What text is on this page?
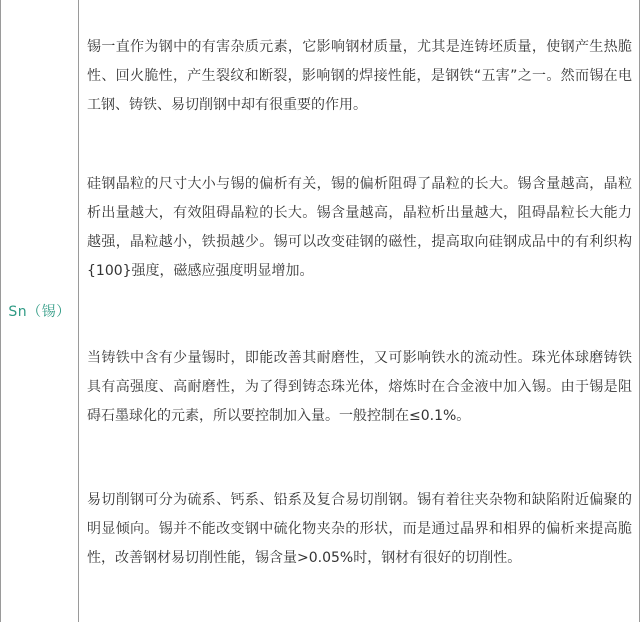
Sn（锡）

锡一直作为钢中的有害杂质元素，它影响钢材质量，尤其是连铸坯质量，使钢产生热脆性、回火脆性，产生裂纹和断裂，影响钢的焊接性能，是钢铁“五害”之一。然而锡在电工钢、铸铁、易切削钢中却有很重要的作用。

硅钢晶粒的尺寸大小与锡的偏析有关，锡的偏析阻碍了晶粒的长大。锡含量越高，晶粒析出量越大，有效阻碍晶粒的长大。锡含量越高，晶粒析出量越大，阻碍晶粒长大能力越强，晶粒越小，铁损越少。锡可以改变硅钢的磁性，提高取向硅钢成品中的有利织构{100}强度，磁感应强度明显增加。

当铸铁中含有少量锡时，即能改善其耐磨性，又可影响铁水的流动性。珠光体球磨铸铁具有高强度、高耐磨性，为了得到铸态珠光体，熔炼时在合金液中加入锡。由于锡是阻碍石墨球化的元素，所以要控制加入量。一般控制在≤0.1%。

易切削钢可分为硫系、钙系、铅系及复合易切削钢。锡有着往夹杂物和缺陷附近偏聚的明显倾向。锡并不能改变钢中硫化物夹杂的形状，而是通过晶界和相界的偏析来提高脆性，改善钢材易切削性能，锡含量>0.05%时，钢材有很好的切削性。
